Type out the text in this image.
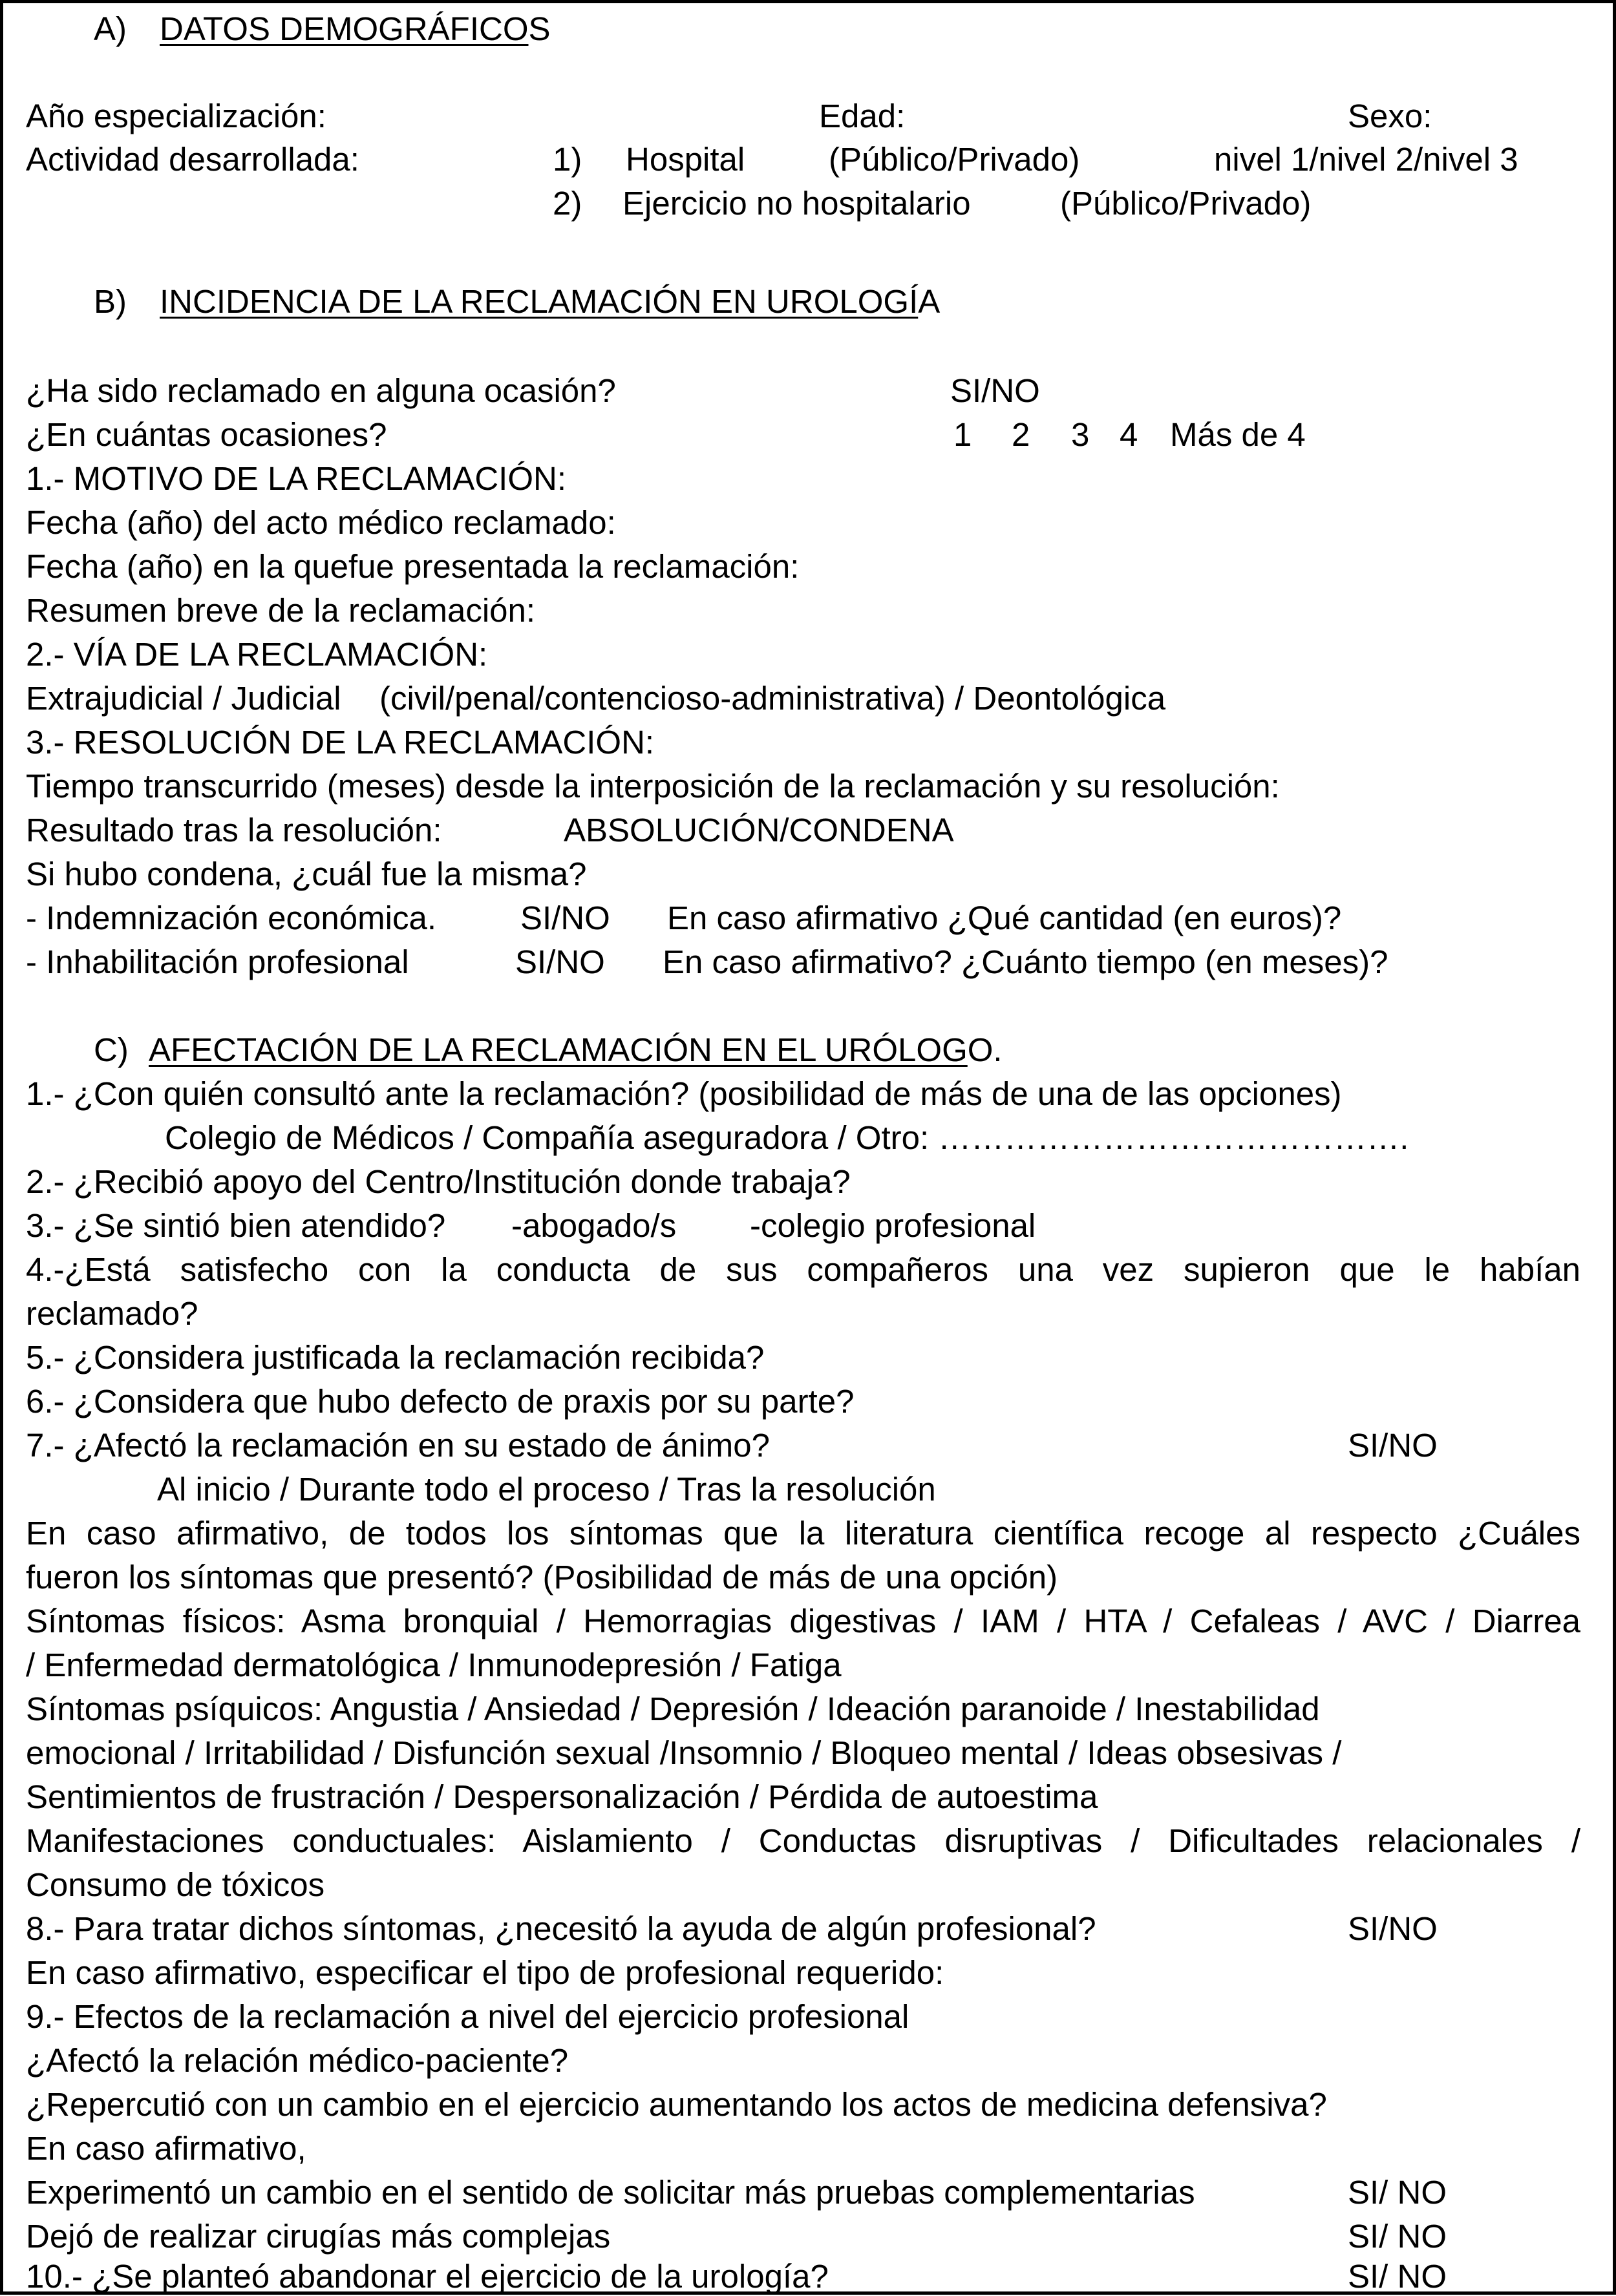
A) DATOS DEMOGRÁFICOS
Año especialización:	Edad:	Sexo:
Actividad desarrollada:	1) Hospital	(Público/Privado)	nivel 1/nivel 2/nivel 3
2) Ejercicio no hospitalario	(Público/Privado)
B) INCIDENCIA DE LA RECLAMACIÓN EN UROLOGÍA
¿Ha sido reclamado en alguna ocasión?	SI/NO
¿En cuántas ocasiones?	1 2 3 4 Más de 4
1.- MOTIVO DE LA RECLAMACIÓN:
Fecha (año) del acto médico reclamado:
Fecha (año) en la quefue presentada la reclamación:
Resumen breve de la reclamación:
2.- VÍA DE LA RECLAMACIÓN:
Extrajudicial / Judicial (civil/penal/contencioso-administrativa) / Deontológica
3.- RESOLUCIÓN DE LA RECLAMACIÓN:
Tiempo transcurrido (meses) desde la interposición de la reclamación y su resolución:
Resultado tras la resolución:	ABSOLUCIÓN/CONDENA
Si hubo condena, ¿cuál fue la misma?
- Indemnización económica.	SI/NO En caso afirmativo ¿Qué cantidad (en euros)?
- Inhabilitación profesional	SI/NO En caso afirmativo? ¿Cuánto tiempo (en meses)?
C) AFECTACIÓN DE LA RECLAMACIÓN EN EL URÓLOGO.
1.- ¿Con quién consultó ante la reclamación? (posibilidad de más de una de las opciones)
Colegio de Médicos / Compañía aseguradora / Otro: …………………………………….
2.- ¿Recibió apoyo del Centro/Institución donde trabaja?
3.- ¿Se sintió bien atendido? -abogado/s -colegio profesional
4.-¿Está satisfecho con la conducta de sus compañeros una vez supieron que le habían
reclamado?
5.- ¿Considera justificada la reclamación recibida?
6.- ¿Considera que hubo defecto de praxis por su parte?
7.- ¿Afectó la reclamación en su estado de ánimo?	SI/NO
Al inicio / Durante todo el proceso / Tras la resolución
En caso afirmativo, de todos los síntomas que la literatura científica recoge al respecto ¿Cuáles
fueron los síntomas que presentó? (Posibilidad de más de una opción)
Síntomas físicos: Asma bronquial / Hemorragias digestivas / IAM / HTA / Cefaleas / AVC / Diarrea
/ Enfermedad dermatológica / Inmunodepresión / Fatiga
Síntomas psíquicos: Angustia / Ansiedad / Depresión / Ideación paranoide / Inestabilidad
emocional / Irritabilidad / Disfunción sexual /Insomnio / Bloqueo mental / Ideas obsesivas /
Sentimientos de frustración / Despersonalización / Pérdida de autoestima
Manifestaciones conductuales: Aislamiento / Conductas disruptivas / Dificultades relacionales /
Consumo de tóxicos
8.- Para tratar dichos síntomas, ¿necesitó la ayuda de algún profesional?	SI/NO
En caso afirmativo, especificar el tipo de profesional requerido:
9.- Efectos de la reclamación a nivel del ejercicio profesional
¿Afectó la relación médico-paciente?
¿Repercutió con un cambio en el ejercicio aumentando los actos de medicina defensiva?
En caso afirmativo,
Experimentó un cambio en el sentido de solicitar más pruebas complementarias	SI/ NO
Dejó de realizar cirugías más complejas	SI/ NO
10.- ¿Se planteó abandonar el ejercicio de la urología?	SI/ NO
